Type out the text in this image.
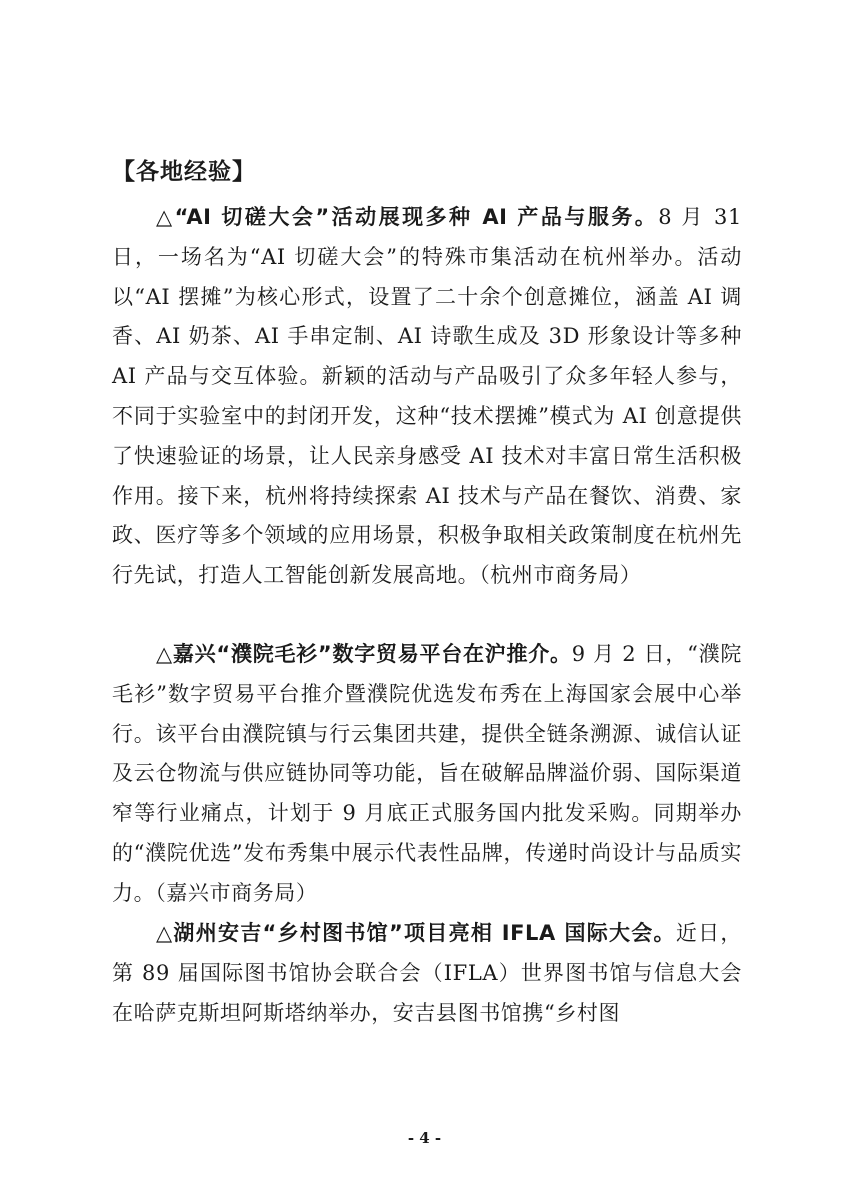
【各地经验】

△“AI 切磋大会”活动展现多种 AI 产品与服务。8 月 31 日，一场名为“AI 切磋大会”的特殊市集活动在杭州举办。活动以“AI 摆摊”为核心形式，设置了二十余个创意摊位，涵盖 AI 调香、AI 奶茶、AI 手串定制、AI 诗歌生成及 3D 形象设计等多种 AI 产品与交互体验。新颖的活动与产品吸引了众多年轻人参与，不同于实验室中的封闭开发，这种“技术摆摊”模式为 AI 创意提供了快速验证的场景，让人民亲身感受 AI 技术对丰富日常生活积极作用。接下来，杭州将持续探索 AI 技术与产品在餐饮、消费、家政、医疗等多个领域的应用场景，积极争取相关政策制度在杭州先行先试，打造人工智能创新发展高地。（杭州市商务局）

△嘉兴“濮院毛衫”数字贸易平台在沪推介。9 月 2 日，“濮院毛衫”数字贸易平台推介暨濮院优选发布秀在上海国家会展中心举行。该平台由濮院镇与行云集团共建，提供全链条溯源、诚信认证及云仓物流与供应链协同等功能，旨在破解品牌溢价弱、国际渠道窄等行业痛点，计划于 9 月底正式服务国内批发采购。同期举办的“濮院优选”发布秀集中展示代表性品牌，传递时尚设计与品质实力。（嘉兴市商务局）

△湖州安吉“乡村图书馆”项目亮相 IFLA 国际大会。近日，第 89 届国际图书馆协会联合会（IFLA）世界图书馆与信息大会在哈萨克斯坦阿斯塔纳举办，安吉县图书馆携“乡村图

- 4 -
